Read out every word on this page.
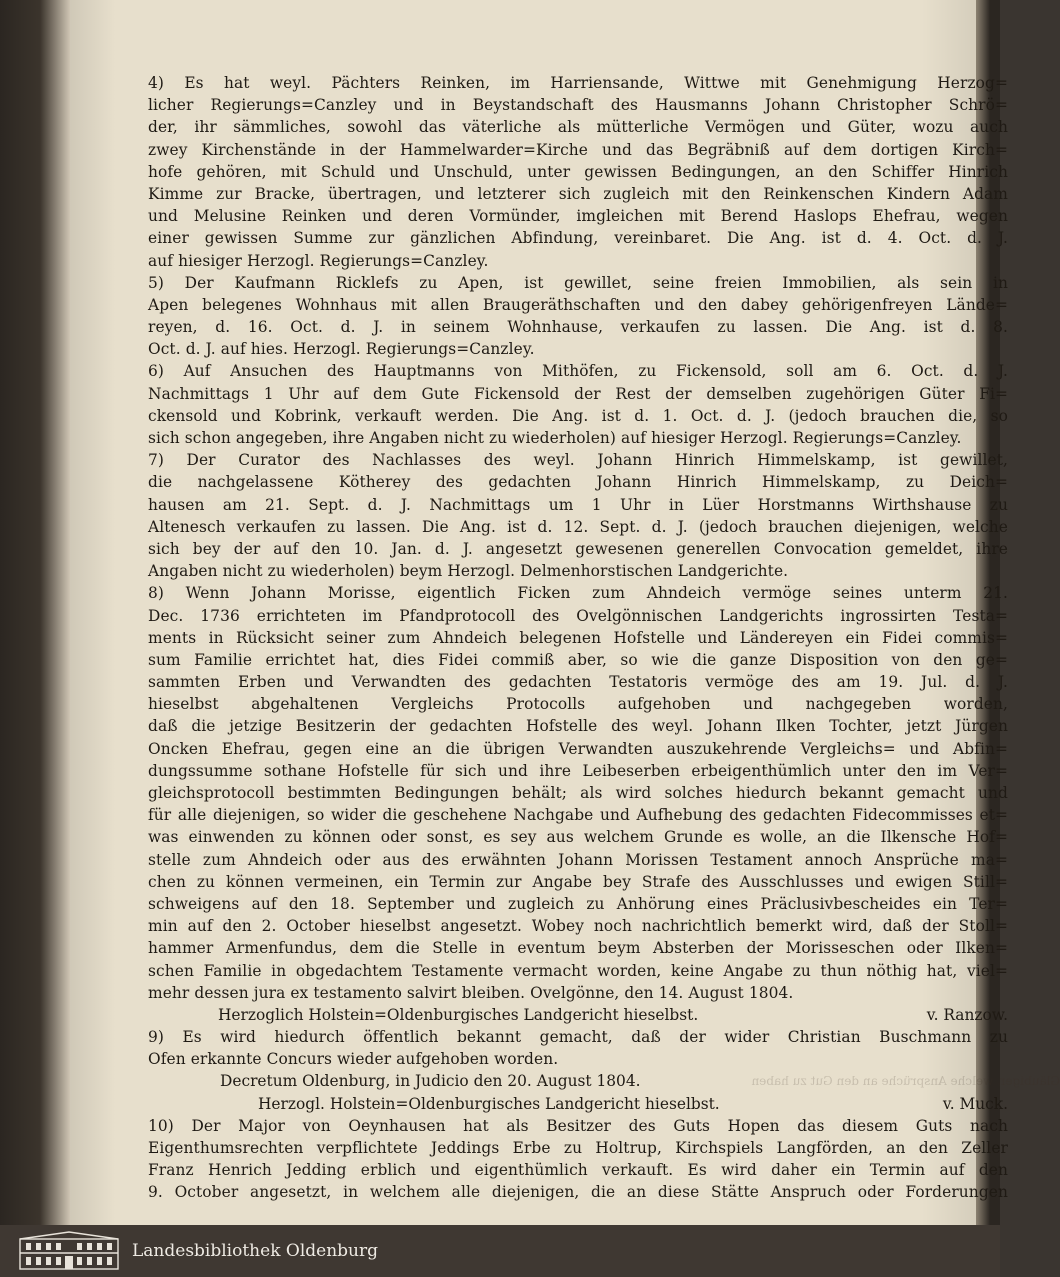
4) Es hat weyl. Pächters Reinken, im Harriensande, Wittwe mit Genehmigung Herzog=
licher Regierungs=Canzley und in Beystandschaft des Hausmanns Johann Christopher Schrö=
der, ihr sämmliches, sowohl das väterliche als mütterliche Vermögen und Güter, wozu auch
zwey Kirchenstände in der Hammelwarder=Kirche und das Begräbniß auf dem dortigen Kirch=
hofe gehören, mit Schuld und Unschuld, unter gewissen Bedingungen, an den Schiffer Hinrich
Kimme zur Bracke, übertragen, und letzterer sich zugleich mit den Reinkenschen Kindern Adam
und Melusine Reinken und deren Vormünder, imgleichen mit Berend Haslops Ehefrau, wegen
einer gewissen Summe zur gänzlichen Abfindung, vereinbaret. Die Ang. ist d. 4. Oct. d. J.
auf hiesiger Herzogl. Regierungs=Canzley.
5) Der Kaufmann Ricklefs zu Apen, ist gewillet, seine freien Immobilien, als sein in
Apen belegenes Wohnhaus mit allen Braugeräthschaften und den dabey gehörigenfreyen Lände=
reyen, d. 16. Oct. d. J. in seinem Wohnhause, verkaufen zu lassen. Die Ang. ist d. 8.
Oct. d. J. auf hies. Herzogl. Regierungs=Canzley.
6) Auf Ansuchen des Hauptmanns von Mithöfen, zu Fickensold, soll am 6. Oct. d. J.
Nachmittags 1 Uhr auf dem Gute Fickensold der Rest der demselben zugehörigen Güter Fi=
ckensold und Kobrink, verkauft werden. Die Ang. ist d. 1. Oct. d. J. (jedoch brauchen die, so
sich schon angegeben, ihre Angaben nicht zu wiederholen) auf hiesiger Herzogl. Regierungs=Canzley.
7) Der Curator des Nachlasses des weyl. Johann Hinrich Himmelskamp, ist gewillet,
die nachgelassene Kötherey des gedachten Johann Hinrich Himmelskamp, zu Deich=
hausen am 21. Sept. d. J. Nachmittags um 1 Uhr in Lüer Horstmanns Wirthshause zu
Altenesch verkaufen zu lassen. Die Ang. ist d. 12. Sept. d. J. (jedoch brauchen diejenigen, welche
sich bey der auf den 10. Jan. d. J. angesetzt gewesenen generellen Convocation gemeldet, ihre
Angaben nicht zu wiederholen) beym Herzogl. Delmenhorstischen Landgerichte.
8) Wenn Johann Morisse, eigentlich Ficken zum Ahndeich vermöge seines unterm 21.
Dec. 1736 errichteten im Pfandprotocoll des Ovelgönnischen Landgerichts ingrossirten Testa=
ments in Rücksicht seiner zum Ahndeich belegenen Hofstelle und Ländereyen ein Fidei commis=
sum Familie errichtet hat, dies Fidei commiß aber, so wie die ganze Disposition von den ge=
sammten Erben und Verwandten des gedachten Testatoris vermöge des am 19. Jul. d. J.
hieselbst abgehaltenen Vergleichs Protocolls aufgehoben und nachgegeben worden,
daß die jetzige Besitzerin der gedachten Hofstelle des weyl. Johann Ilken Tochter, jetzt Jürgen
Oncken Ehefrau, gegen eine an die übrigen Verwandten auszukehrende Vergleichs= und Abfin=
dungssumme sothane Hofstelle für sich und ihre Leibeserben erbeigenthümlich unter den im Ver=
gleichsprotocoll bestimmten Bedingungen behält; als wird solches hiedurch bekannt gemacht und
für alle diejenigen, so wider die geschehene Nachgabe und Aufhebung des gedachten Fidecommisses et=
was einwenden zu können oder sonst, es sey aus welchem Grunde es wolle, an die Ilkensche Hof=
stelle zum Ahndeich oder aus des erwähnten Johann Morissen Testament annoch Ansprüche ma=
chen zu können vermeinen, ein Termin zur Angabe bey Strafe des Ausschlusses und ewigen Still=
schweigens auf den 18. September und zugleich zu Anhörung eines Präclusivbescheides ein Ter=
min auf den 2. October hieselbst angesetzt. Wobey noch nachrichtlich bemerkt wird, daß der Stoll=
hammer Armenfundus, dem die Stelle in eventum beym Absterben der Morisseschen oder Ilken=
schen Familie in obgedachtem Testamente vermacht worden, keine Angabe zu thun nöthig hat, viel=
mehr dessen jura ex testamento salvirt bleiben. Ovelgönne, den 14. August 1804.
Herzoglich Holstein=Oldenburgisches Landgericht hieselbst.	v. Ranzow.
9) Es wird hiedurch öffentlich bekannt gemacht, daß der wider Christian Buschmann zu
Ofen erkannte Concurs wieder aufgehoben worden.
Decretum Oldenburg, in Judicio den 20. August 1804.
Herzogl. Holstein=Oldenburgisches Landgericht hieselbst.	v. Muck.
10) Der Major von Oeynhausen hat als Besitzer des Guts Hopen das diesem Guts nach
Eigenthumsrechten verpflichtete Jeddings Erbe zu Holtrup, Kirchspiels Langförden, an den Zeller
Franz Henrich Jedding erblich und eigenthümlich verkauft. Es wird daher ein Termin auf den
9. October angesetzt, in welchem alle diejenigen, die an diese Stätte Anspruch oder Forderungen
Gläubiger, welche Ansprüche an den Gut zu haben
Landesbibliothek Oldenburg
